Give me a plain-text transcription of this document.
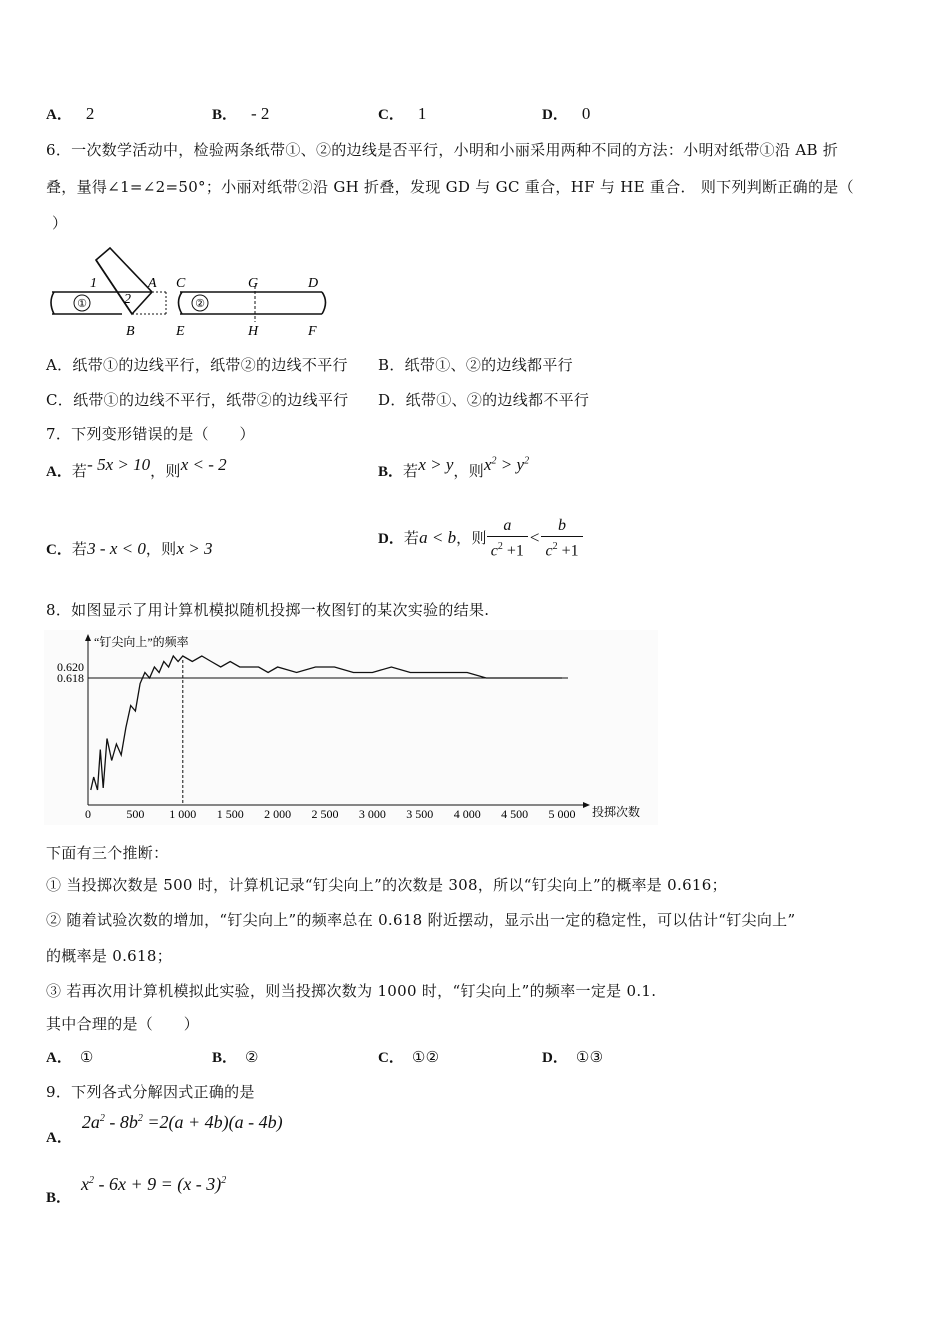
A． 2	B． - 2	C． 1	D． 0
6．一次数学活动中，检验两条纸带①、②的边线是否平行，小明和小丽采用两种不同的方法：小明对纸带①沿 AB 折
叠，量得∠1=∠2=50°；小丽对纸带②沿 GH 折叠，发现 GD 与 GC 重合，HF 与 HE 重合． 则下列判断正确的是（
）
①
1
2
A
B
②
C	G	D
E	H	F
A．纸带①的边线平行，纸带②的边线不平行 B．纸带①、②的边线都平行
C．纸带①的边线不平行，纸带②的边线平行 D．纸带①、②的边线都不平行
7．下列变形错误的是（　　）
A．若- 5x > 10，则x < - 2	B．若x > y，则$x^2 > y^2$
C．若3 - x < 0，则x > 3	D．若a < b，则 $\frac{a}{c^2 +1} < \frac{b}{c^2 +1}$
8．如图显示了用计算机模拟随机投掷一枚图钉的某次实验的结果.
“钉尖向上”的频率
投掷次数
0.620
0.618
0	500 1 000 1 500 2 000 2 500 3 000 3 500 4 000 4 500 5 000
下面有三个推断：
① 当投掷次数是 500 时，计算机记录“钉尖向上”的次数是 308，所以“钉尖向上”的概率是 0.616；
② 随着试验次数的增加，“钉尖向上”的频率总在 0.618 附近摆动，显示出一定的稳定性，可以估计“钉尖向上”
的概率是 0.618；
③ 若再次用计算机模拟此实验，则当投掷次数为 1000 时，“钉尖向上”的频率一定是 0.1.
其中合理的是（　　）
A． ①	B． ②	C． ①②	D． ①③
9．下列各式分解因式正确的是
A．$2a^2 - 8b^2 =2(a + 4b)(a - 4b)$
B．$x^2 - 6x + 9 = (x - 3)^2$
